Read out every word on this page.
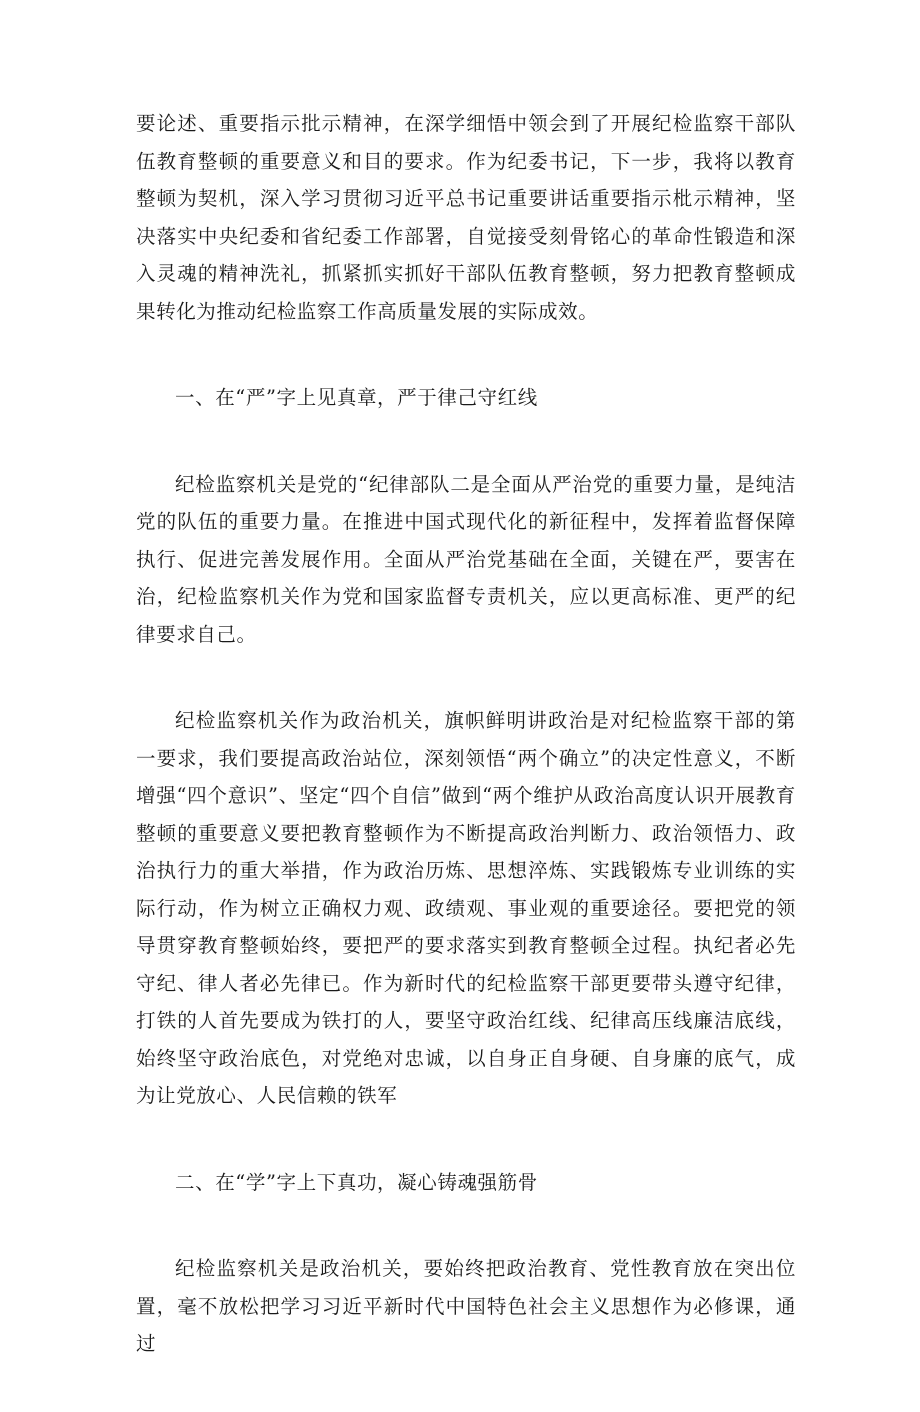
要论述、重要指示批示精神，在深学细悟中领会到了开展纪检监察干部队伍教育整顿的重要意义和目的要求。作为纪委书记，下一步，我将以教育整顿为契机，深入学习贯彻习近平总书记重要讲话重要指示枇示精神，坚决落实中央纪委和省纪委工作部署，自觉接受刻骨铭心的革命性锻造和深入灵魂的精神洗礼，抓紧抓实抓好干部队伍教育整顿，努力把教育整顿成果转化为推动纪检监察工作高质量发展的实际成效。

一、在“严”字上见真章，严于律己守红线

纪检监察机关是党的“纪律部队二是全面从严治党的重要力量，是纯洁党的队伍的重要力量。在推进中国式现代化的新征程中，发挥着监督保障执行、促进完善发展作用。全面从严治党基础在全面，关键在严，要害在治，纪检监察机关作为党和国家监督专责机关，应以更高标准、更严的纪律要求自己。

纪检监察机关作为政治机关，旗帜鲜明讲政治是对纪检监察干部的第一要求，我们要提高政治站位，深刻领悟“两个确立”的决定性意义，不断增强“四个意识”、坚定“四个自信”做到“两个维护从政治高度认识开展教育整顿的重要意义要把教育整顿作为不断提高政治判断力、政治领悟力、政治执行力的重大举措，作为政治历炼、思想淬炼、实践锻炼专业训练的实际行动，作为树立正确权力观、政绩观、事业观的重要途径。要把党的领导贯穿教育整顿始终，要把严的要求落实到教育整顿全过程。执纪者必先守纪、律人者必先律已。作为新时代的纪检监察干部更要带头遵守纪律，打铁的人首先要成为铁打的人，要坚守政治红线、纪律高压线廉洁底线，始终坚守政治底色，对党绝对忠诚，以自身正自身硬、自身廉的底气，成为让党放心、人民信赖的铁军

二、在“学”字上下真功，凝心铸魂强筋骨

纪检监察机关是政治机关，要始终把政治教育、党性教育放在突出位置，毫不放松把学习习近平新时代中国特色社会主义思想作为必修课，通过
